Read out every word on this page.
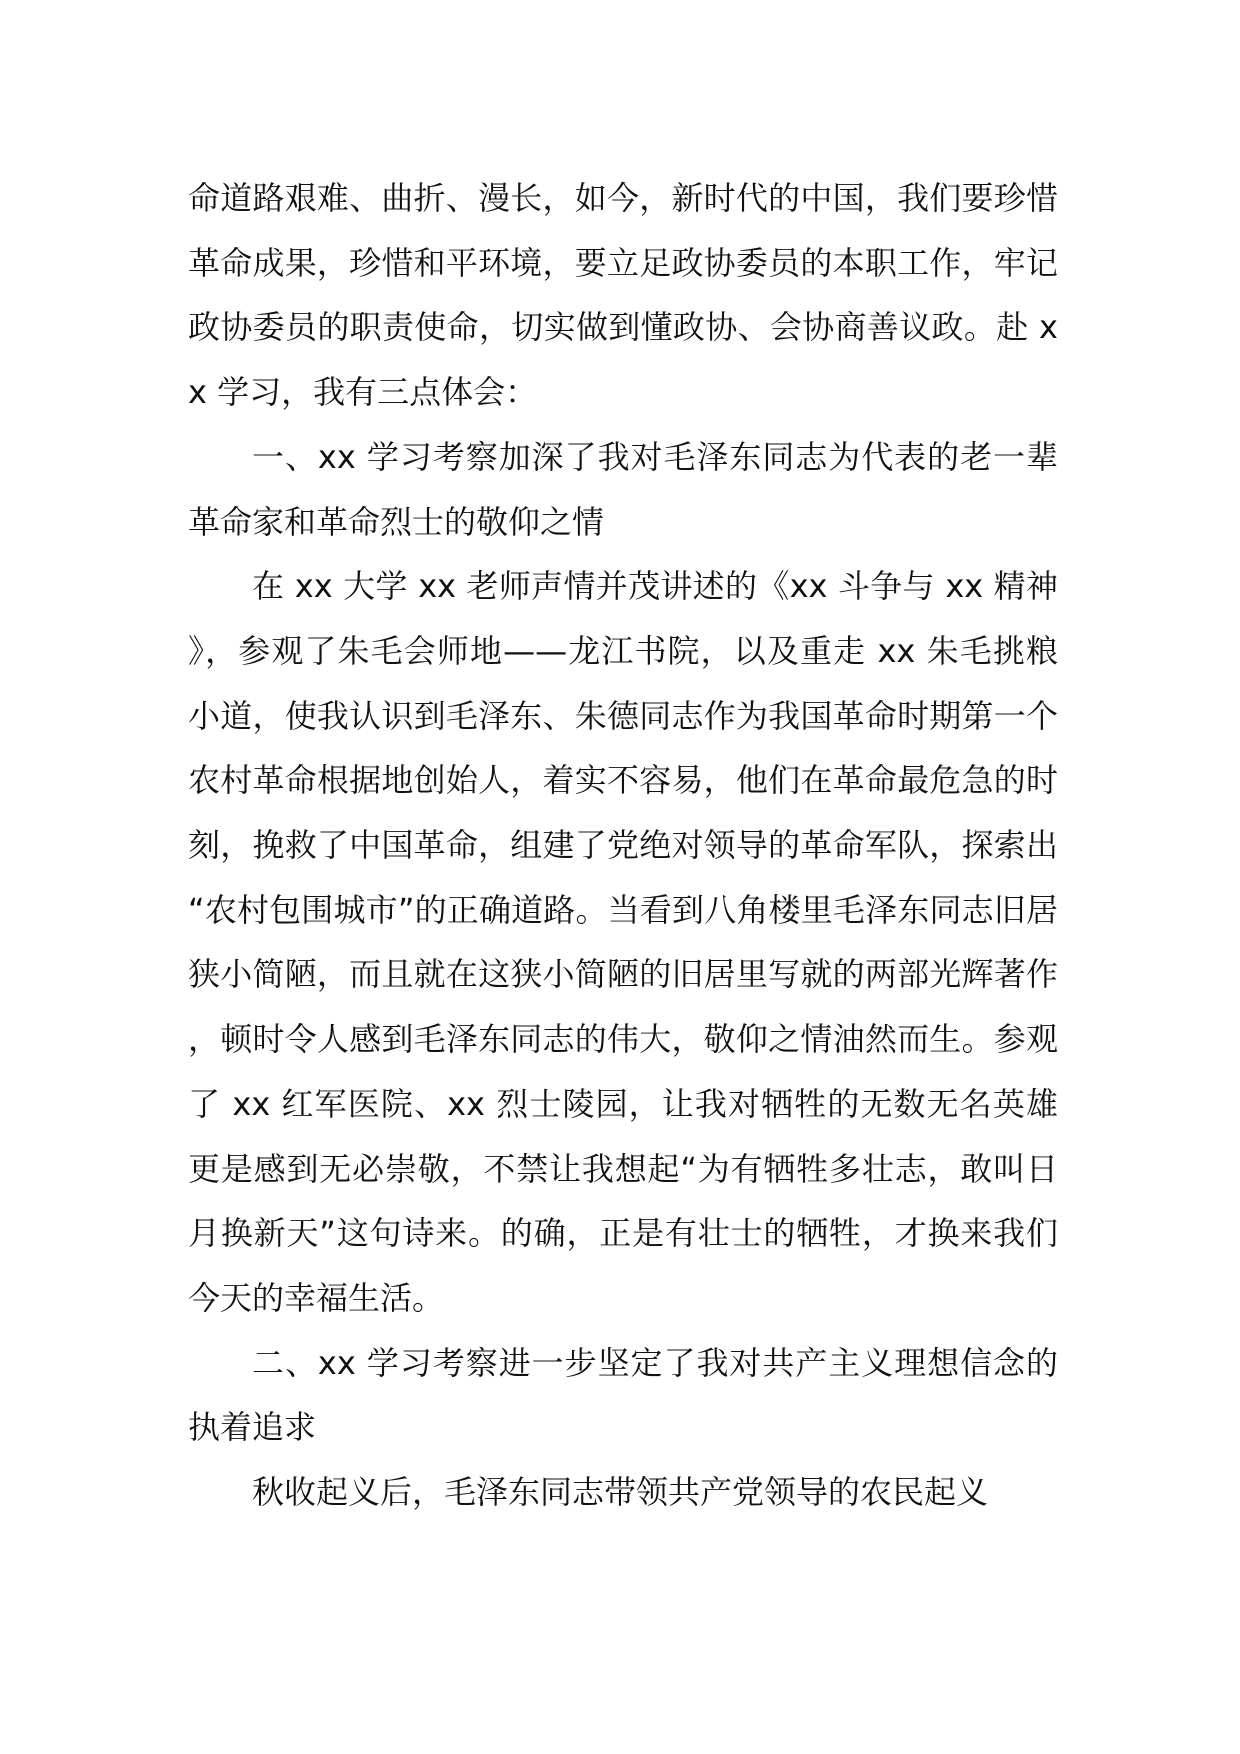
命道路艰难、曲折、漫长，如今，新时代的中国，我们要珍惜革命成果，珍惜和平环境，要立足政协委员的本职工作，牢记政协委员的职责使命，切实做到懂政协、会协商善议政。赴 xx 学习，我有三点体会：

一、xx 学习考察加深了我对毛泽东同志为代表的老一辈革命家和革命烈士的敬仰之情

在 xx 大学 xx 老师声情并茂讲述的《xx 斗争与 xx 精神》，参观了朱毛会师地——龙江书院，以及重走 xx 朱毛挑粮小道，使我认识到毛泽东、朱德同志作为我国革命时期第一个农村革命根据地创始人，着实不容易，他们在革命最危急的时刻，挽救了中国革命，组建了党绝对领导的革命军队，探索出“农村包围城市”的正确道路。当看到八角楼里毛泽东同志旧居狭小简陋，而且就在这狭小简陋的旧居里写就的两部光辉著作，顿时令人感到毛泽东同志的伟大，敬仰之情油然而生。参观了 xx 红军医院、xx 烈士陵园，让我对牺牲的无数无名英雄更是感到无必崇敬，不禁让我想起“为有牺牲多壮志，敢叫日月换新天”这句诗来。的确，正是有壮士的牺牲，才换来我们今天的幸福生活。

二、xx 学习考察进一步坚定了我对共产主义理想信念的执着追求

秋收起义后，毛泽东同志带领共产党领导的农民起义
